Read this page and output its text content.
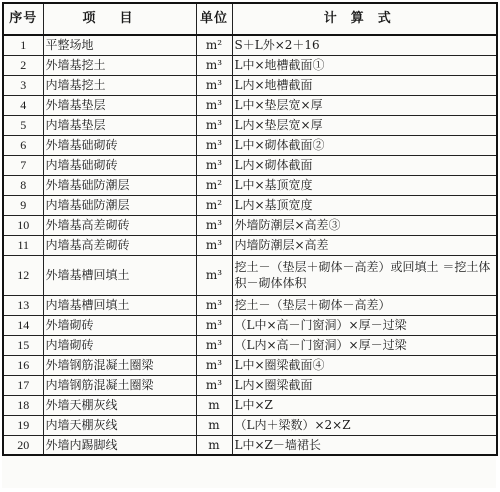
序号	项目	单位	计算式
1	平整场地	m²	S＋L外×2＋16
2	外墙基挖土	m³	L中×地槽截面①
3	内墙基挖土	m³	L内×地槽截面
4	外墙基垫层	m³	L中×垫层宽×厚
5	内墙基垫层	m³	L内×垫层宽×厚
6	外墙基础砌砖	m³	L中×砌体截面②
7	内墙基础砌砖	m³	L内×砌体截面
8	外墙基础防潮层	m²	L中×基顶宽度
9	内墙基础防潮层	m²	L内×基顶宽度
10	外墙基高差砌砖	m³	外墙防潮层×高差③
11	内墙基高差砌砖	m³	内墙防潮层×高差
12	外墙基槽回填土	m³	挖土－（垫层＋砌体－高差）或回填土 ＝挖土体积－砌体体积
13	内墙基槽回填土	m³	挖土－（垫层＋砌体－高差）
14	外墙砌砖	m³	（L中×高－门窗洞）×厚－过梁
15	内墙砌砖	m³	（L内×高－门窗洞）×厚－过梁
16	外墙钢筋混凝土圈梁	m³	L中×圈梁截面④
17	内墙钢筋混凝土圈梁	m³	L内×圈梁截面
18	外墙天棚灰线	m	L中×Z
19	内墙天棚灰线	m	（L内＋梁数）×2×Z
20	外墙内踢脚线	m	L中×Z－墙裙长
